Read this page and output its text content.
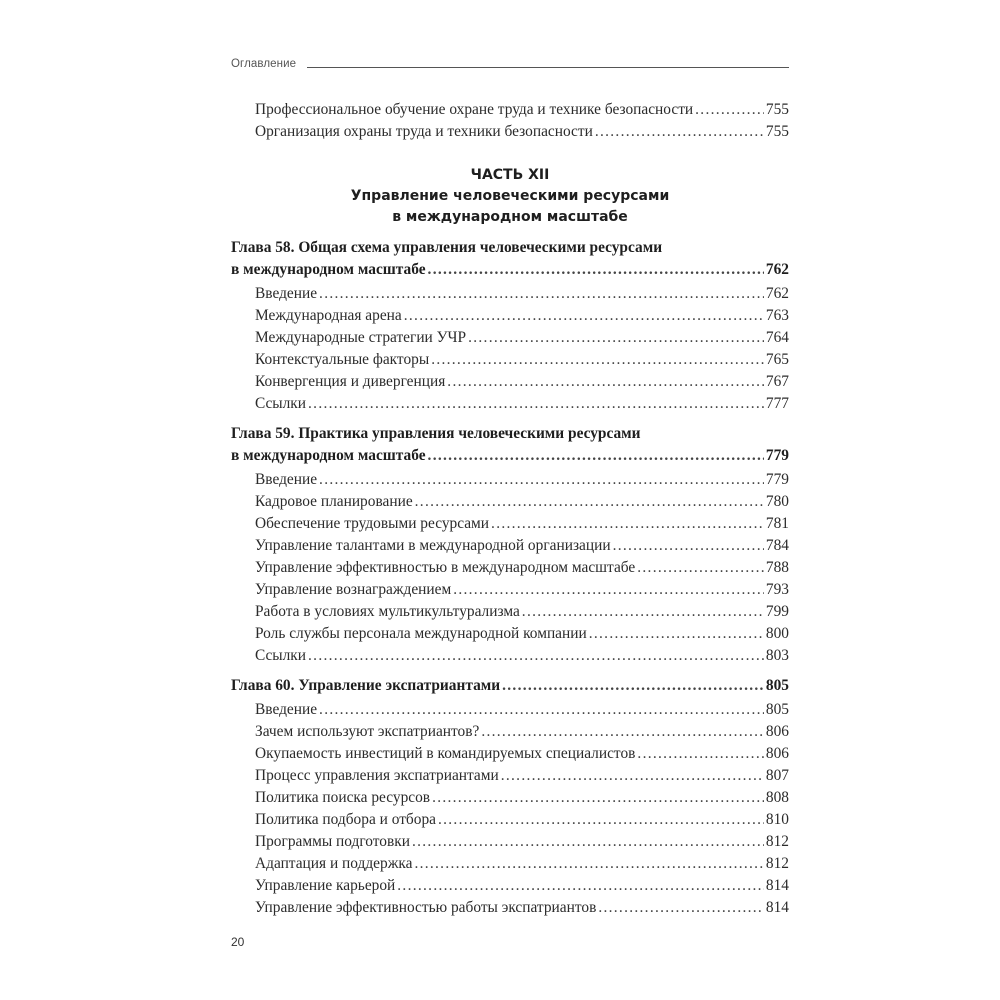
Оглавление
Профессиональное обучение охране труда и технике безопасности .....	755
Организация охраны труда и техники безопасности .....	755
ЧАСТЬ XII
Управление человеческими ресурсами
в международном масштабе
Глава 58. Общая схема управления человеческими ресурсами
в международном масштабе .....	762
Введение .....	762
Международная арена .....	763
Международные стратегии УЧР .....	764
Контекстуальные факторы .....	765
Конвергенция и дивергенция .....	767
Ссылки .....	777
Глава 59. Практика управления человеческими ресурсами
в международном масштабе .....	779
Введение .....	779
Кадровое планирование .....	780
Обеспечение трудовыми ресурсами .....	781
Управление талантами в международной организации .....	784
Управление эффективностью в международном масштабе .....	788
Управление вознаграждением .....	793
Работа в условиях мультикультурализма .....	799
Роль службы персонала международной компании .....	800
Ссылки .....	803
Глава 60. Управление экспатриантами .....	805
Введение .....	805
Зачем используют экспатриантов? .....	806
Окупаемость инвестиций в командируемых специалистов .....	806
Процесс управления экспатриантами .....	807
Политика поиска ресурсов .....	808
Политика подбора и отбора .....	810
Программы подготовки .....	812
Адаптация и поддержка .....	812
Управление карьерой .....	814
Управление эффективностью работы экспатриантов .....	814
20
